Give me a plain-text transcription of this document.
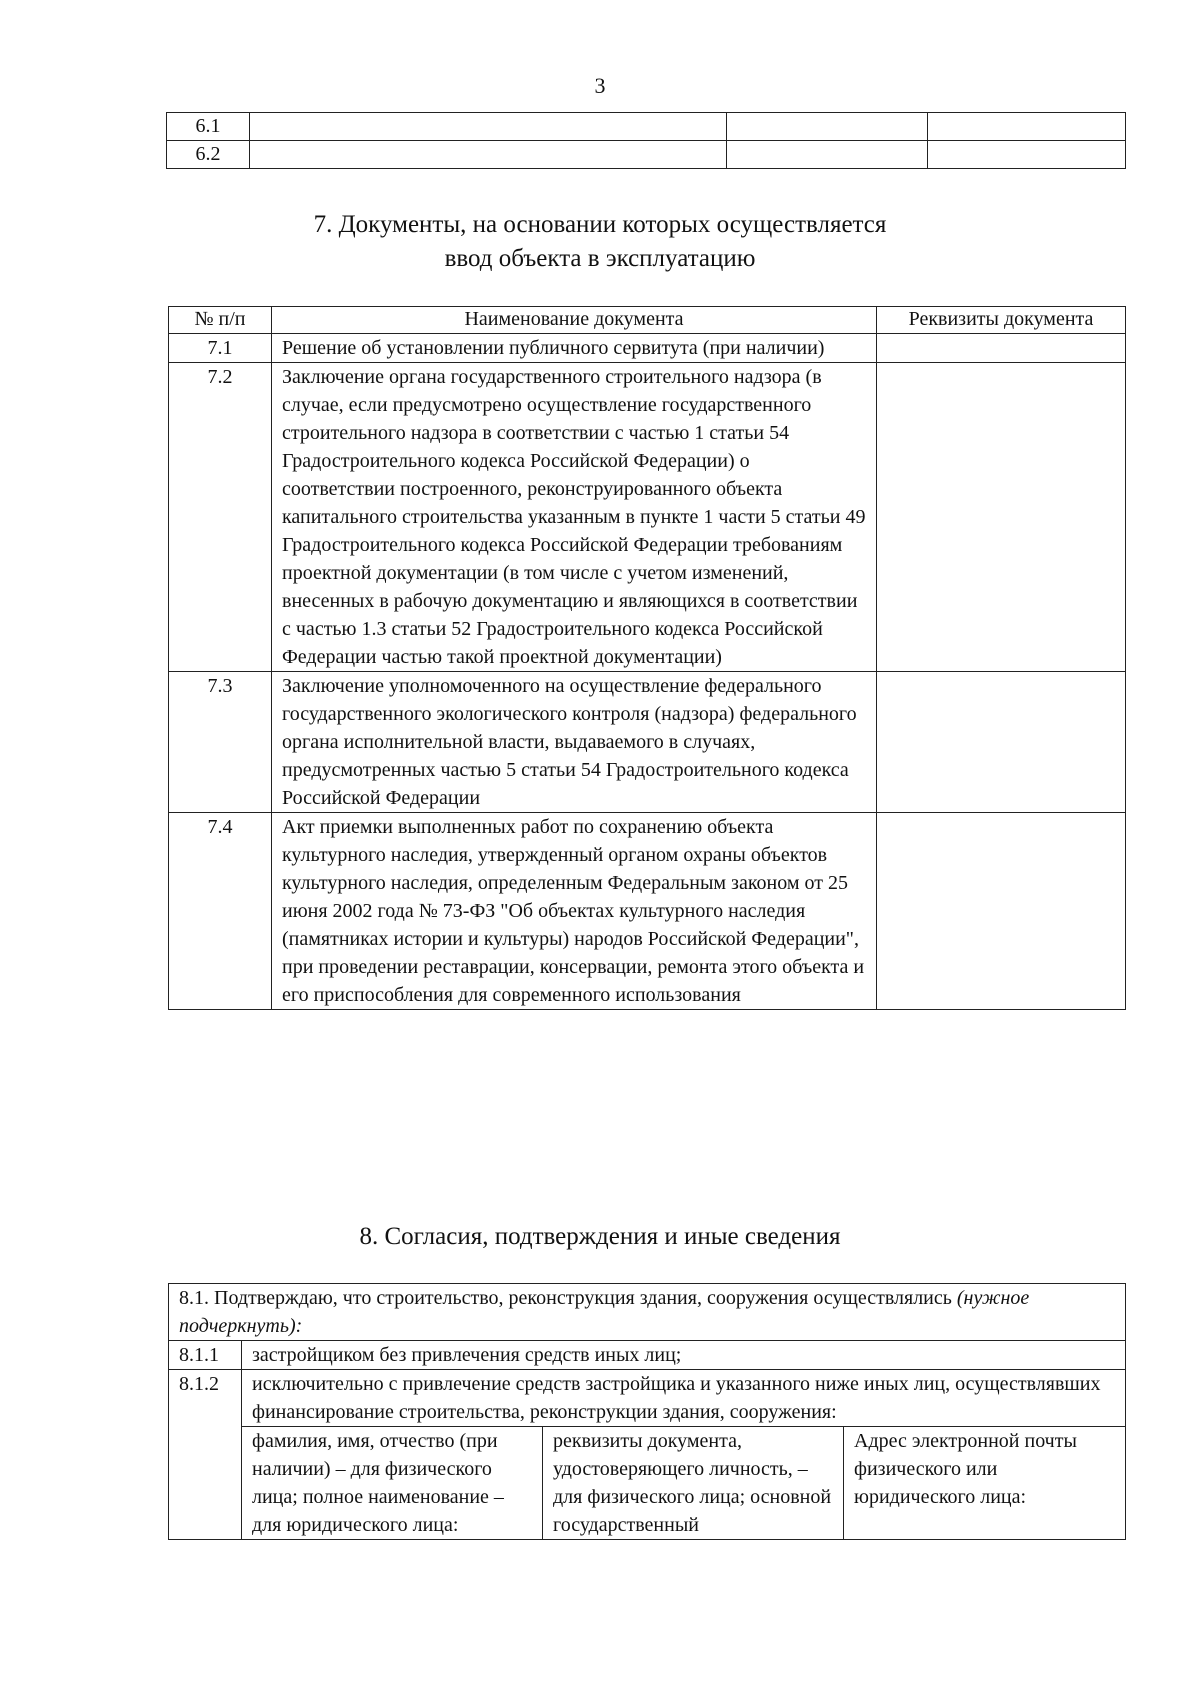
3
6.1			
6.2			
7. Документы, на основании которых осуществляется
ввод объекта в эксплуатацию
№ п/п	Наименование документа	Реквизиты документа
7.1	Решение об установлении публичного сервитута (при наличии)	
7.2	Заключение органа государственного строительного надзора (в случае, если предусмотрено осуществление государственного строительного надзора в соответствии с частью 1 статьи 54 Градостроительного кодекса Российской Федерации) о соответствии построенного, реконструированного объекта капитального строительства указанным в пункте 1 части 5 статьи 49 Градостроительного кодекса Российской Федерации требованиям проектной документации (в том числе с учетом изменений, внесенных в рабочую документацию и являющихся в соответствии с частью 1.3 статьи 52 Градостроительного кодекса Российской Федерации частью такой проектной документации)	
7.3	Заключение уполномоченного на осуществление федерального государственного экологического контроля (надзора) федерального органа исполнительной власти, выдаваемого в случаях, предусмотренных частью 5 статьи 54 Градостроительного кодекса Российской Федерации	
7.4	Акт приемки выполненных работ по сохранению объекта культурного наследия, утвержденный органом охраны объектов культурного наследия, определенным Федеральным законом от 25 июня 2002 года № 73-ФЗ "Об объектах культурного наследия (памятниках истории и культуры) народов Российской Федерации", при проведении реставрации, консервации, ремонта этого объекта и его приспособления для современного использования	
8. Согласия, подтверждения и иные сведения
8.1. Подтверждаю, что строительство, реконструкция здания, сооружения осуществлялись (нужное подчеркнуть):			
8.1.1	застройщиком без привлечения средств иных лиц;		
8.1.2	исключительно с привлечение средств застройщика и указанного ниже иных лиц, осуществлявших финансирование строительства, реконструкции здания, сооружения:		
	фамилия, имя, отчество (при наличии) – для физического лица; полное наименование – для юридического лица:	реквизиты документа, удостоверяющего личность, – для физического лица; основной государственный	Адрес электронной почты физического или юридического лица:
